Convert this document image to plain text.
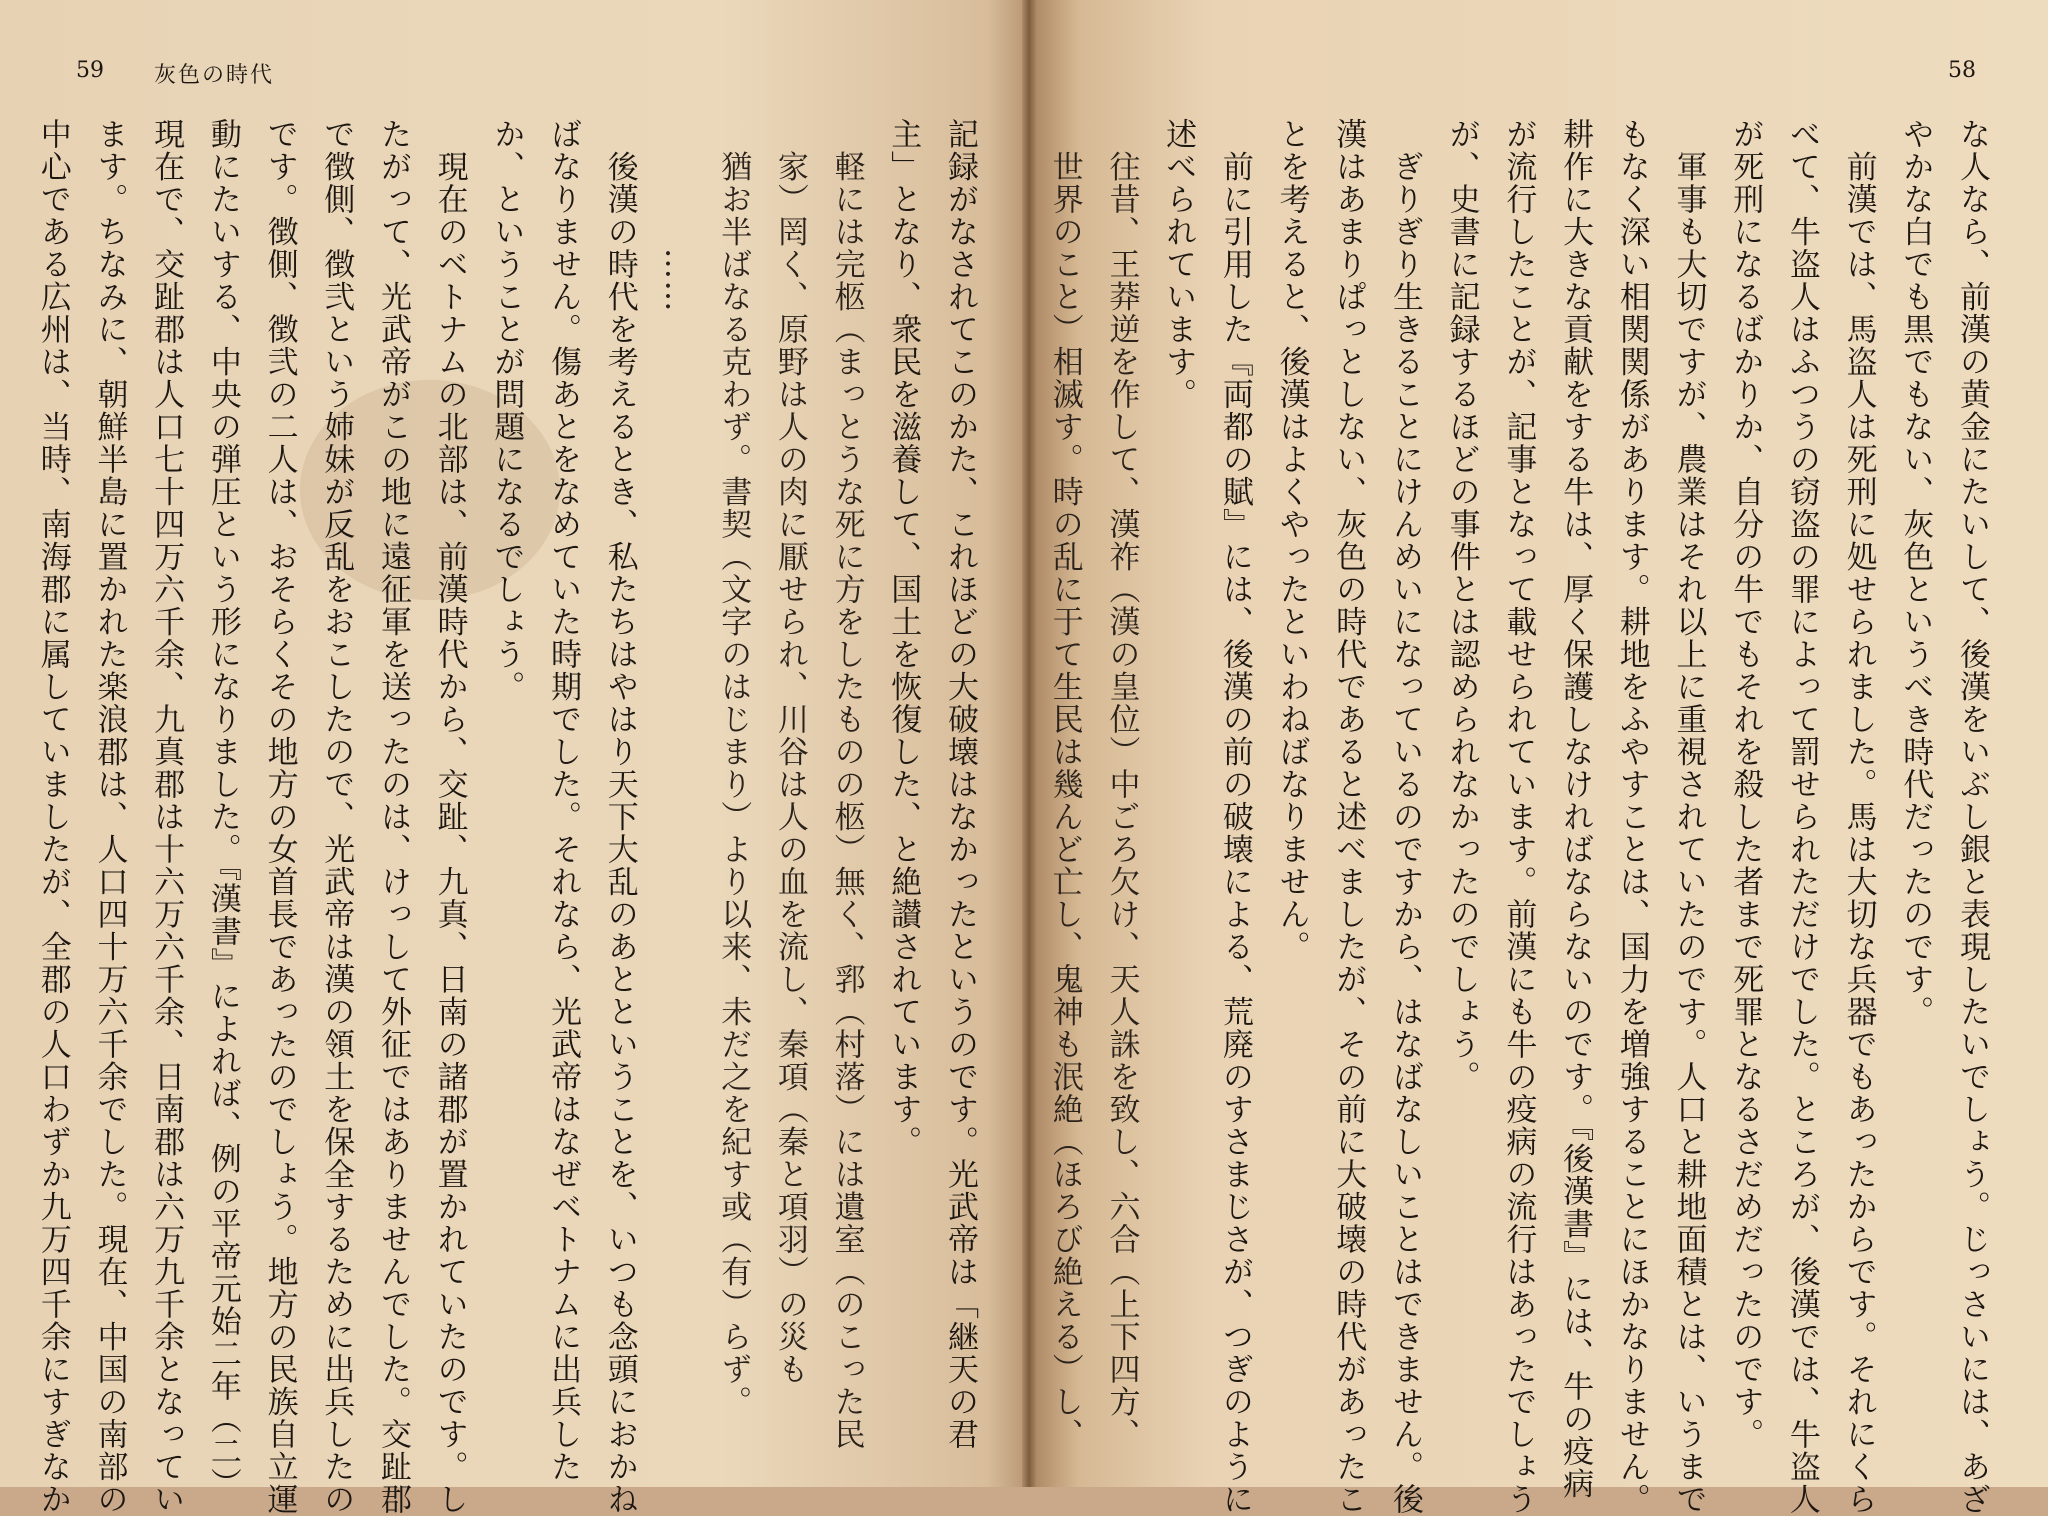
59 灰色の時代

記録がなされてこのかた、これほどの大破壊はなかったというのです。光武帝は「継天の君

主」となり、衆民を滋養して、国土を恢復した、と絶讃されています。

　軽には完柩（まっとうな死に方をしたものの柩）無く、郛（村落）には遺室（のこった民

　家）罔く、原野は人の肉に厭せられ、川谷は人の血を流し、秦項（秦と項羽）の災も

　猶お半ばなる克わず。書契（文字のはじまり）より以来、未だ之を紀す或（有）らず。

　　　　……

　後漢の時代を考えるとき、私たちはやはり天下大乱のあとということを、いつも念頭におかね

ばなりません。傷あとをなめていた時期でした。それなら、光武帝はなぜベトナムに出兵した

か、ということが問題になるでしょう。

　現在のベトナムの北部は、前漢時代から、交趾、九真、日南の諸郡が置かれていたのです。し

たがって、光武帝がこの地に遠征軍を送ったのは、けっして外征ではありませんでした。交趾郡

で徴側、徴弐という姉妹が反乱をおこしたので、光武帝は漢の領土を保全するために出兵したの

です。徴側、徴弐の二人は、おそらくその地方の女首長であったのでしょう。地方の民族自立運

動にたいする、中央の弾圧という形になりました。『漢書』によれば、例の平帝元始二年（二）

現在で、交趾郡は人口七十四万六千余、九真郡は十六万六千余、日南郡は六万九千余となってい

ます。ちなみに、朝鮮半島に置かれた楽浪郡は、人口四十万六千余でした。現在、中国の南部の

中心である広州は、当時、南海郡に属していましたが、全郡の人口わずか九万四千余にすぎなか

58

な人なら、前漢の黄金にたいして、後漢をいぶし銀と表現したいでしょう。じっさいには、あざ

やかな白でも黒でもない、灰色というべき時代だったのです。

　前漢では、馬盗人は死刑に処せられました。馬は大切な兵器でもあったからです。それにくら

べて、牛盗人はふつうの窃盗の罪によって罰せられただけでした。ところが、後漢では、牛盗人

が死刑になるばかりか、自分の牛でもそれを殺した者まで死罪となるさだめだったのです。

　軍事も大切ですが、農業はそれ以上に重視されていたのです。人口と耕地面積とは、いうまで

もなく深い相関関係があります。耕地をふやすことは、国力を増強することにほかなりません。

耕作に大きな貢献をする牛は、厚く保護しなければならないのです。『後漢書』には、牛の疫病

が流行したことが、記事となって載せられています。前漢にも牛の疫病の流行はあったでしょう

が、史書に記録するほどの事件とは認められなかったのでしょう。

　ぎりぎり生きることにけんめいになっているのですから、はなばなしいことはできません。後

漢はあまりぱっとしない、灰色の時代であると述べましたが、その前に大破壊の時代があったこ

とを考えると、後漢はよくやったといわねばなりません。

　前に引用した『両都の賦』には、後漢の前の破壊による、荒廃のすさまじさが、つぎのように

述べられています。

　往昔、王莽逆を作して、漢祚（漢の皇位）中ごろ欠け、天人誅を致し、六合（上下四方、

　世界のこと）相滅す。時の乱に于て生民は幾んど亡し、鬼神も泯絶（ほろび絶える）し、
